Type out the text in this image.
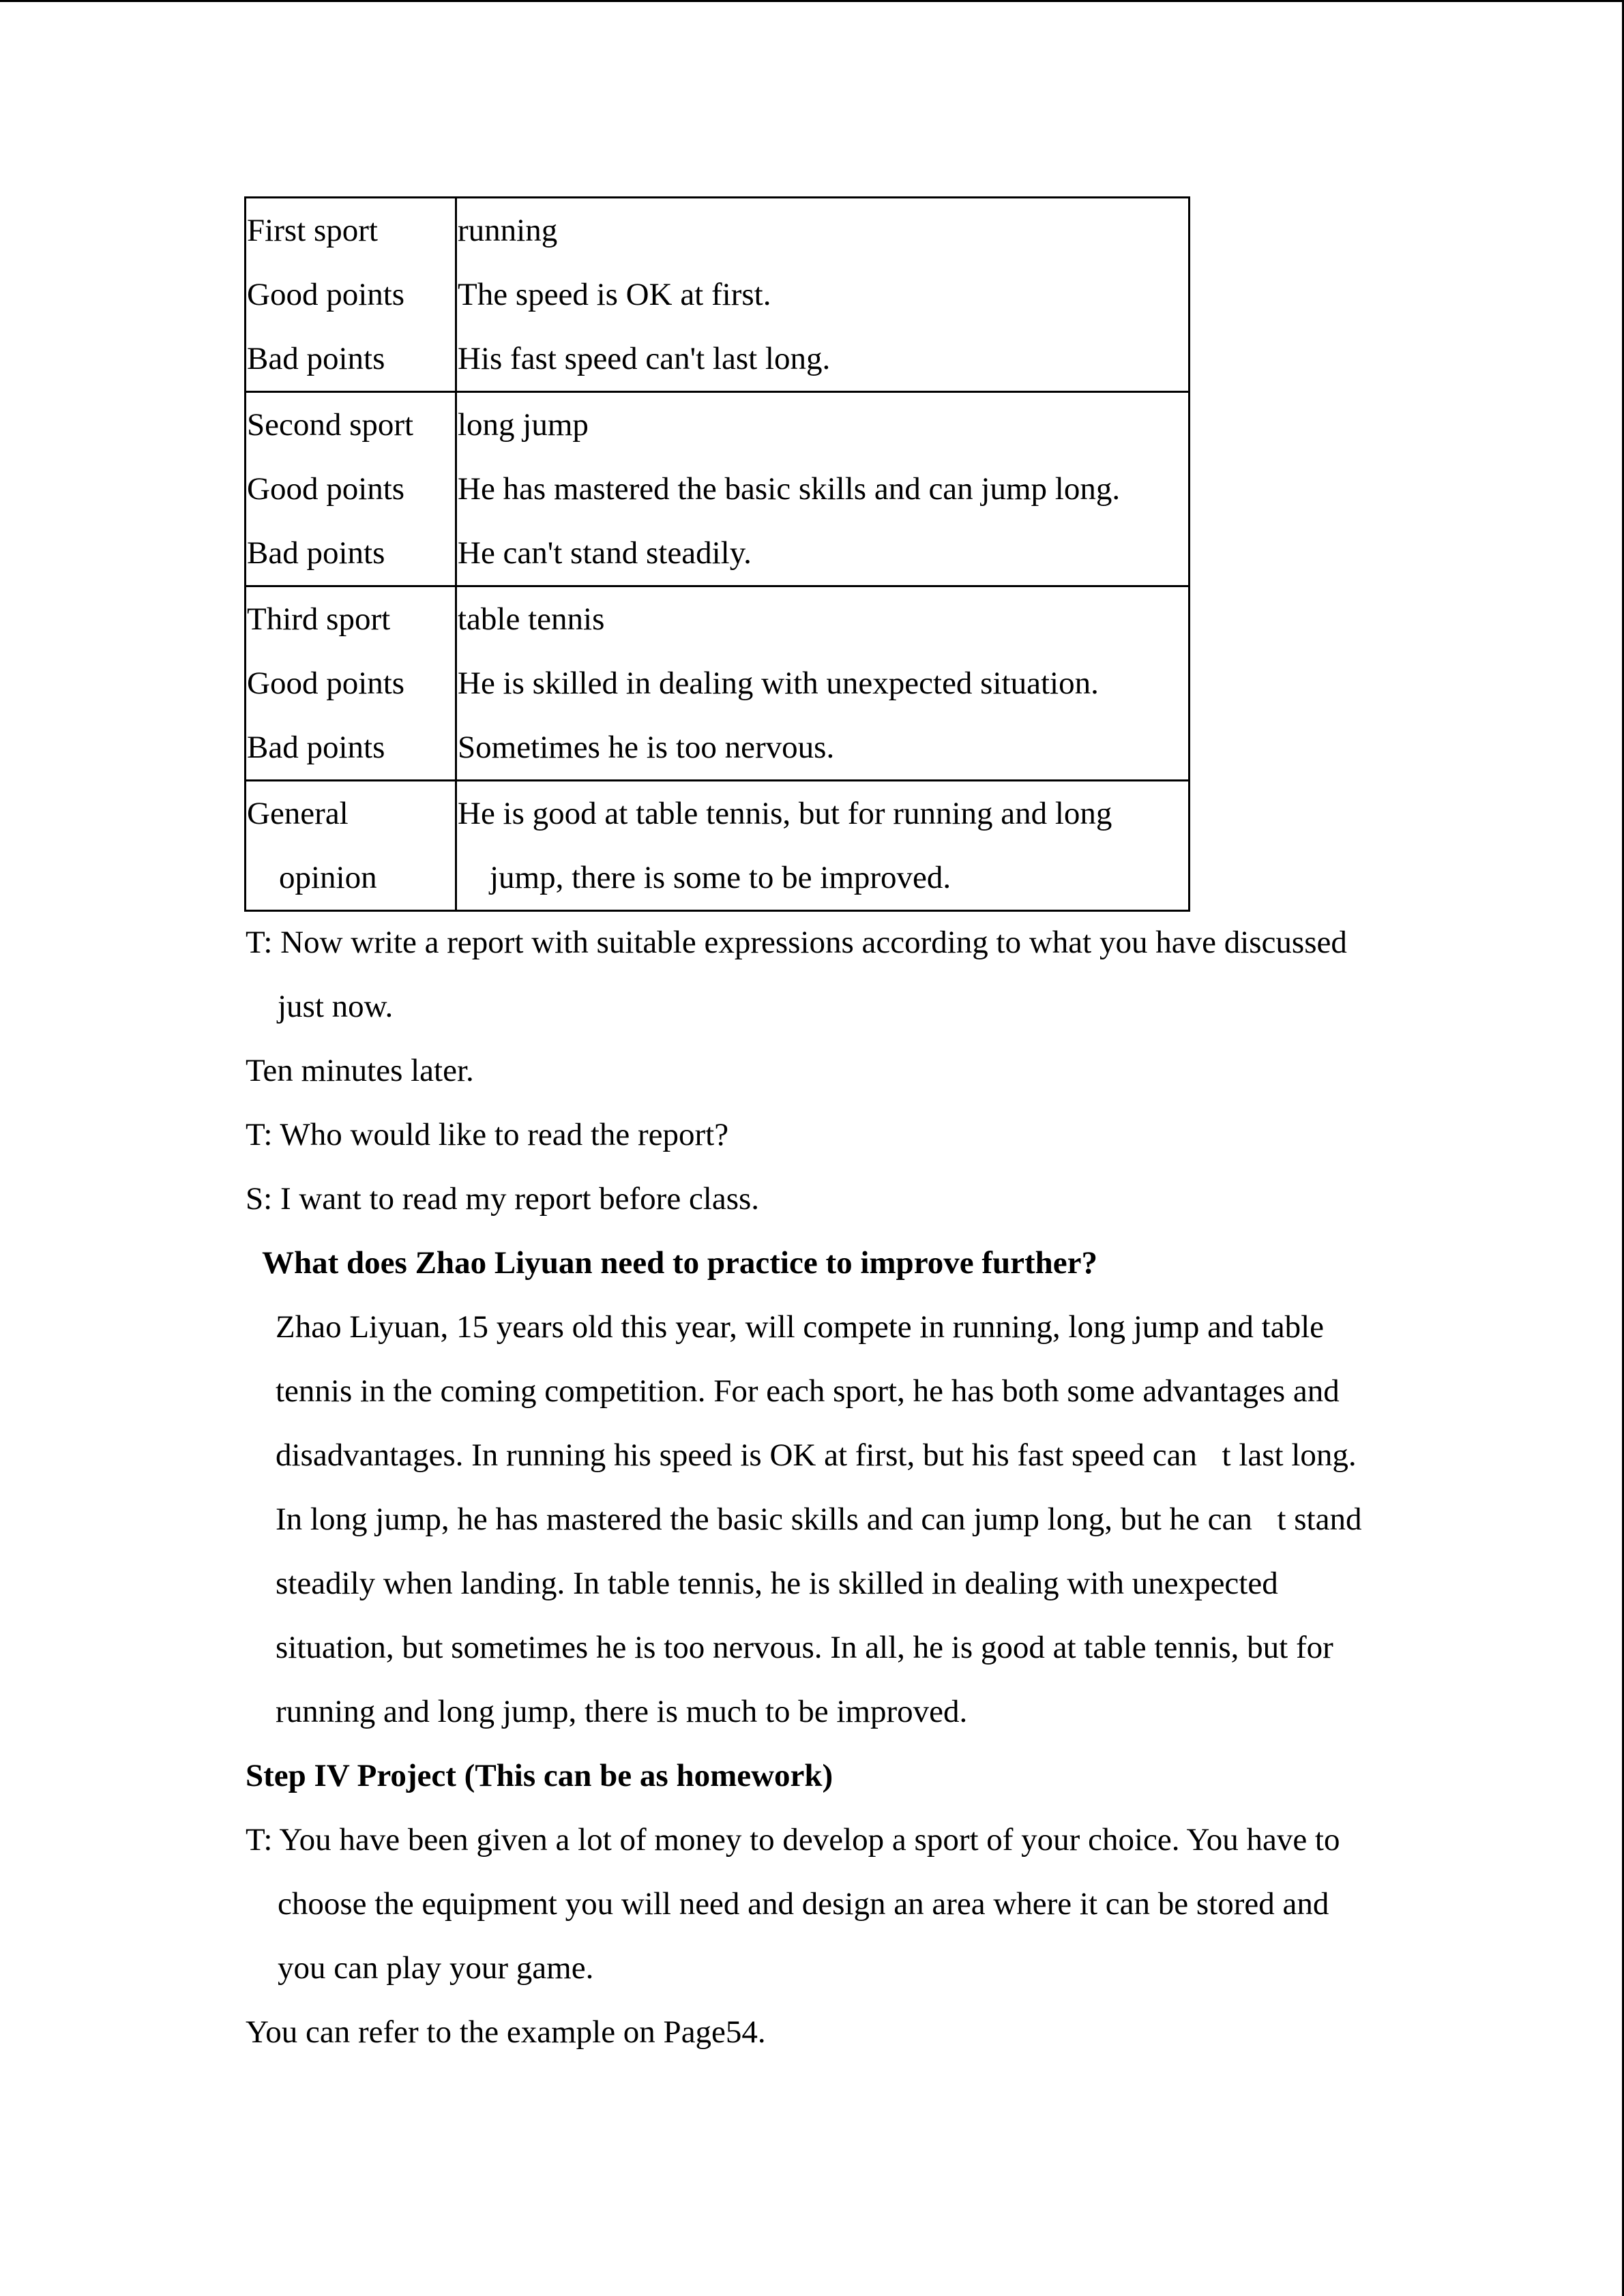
First sport
Good points
Bad points
running
The speed is OK at first.
His fast speed can't last long.
Second sport
Good points
Bad points
long jump
He has mastered the basic skills and can jump long.
He can't stand steadily.
Third sport
Good points
Bad points
table tennis
He is skilled in dealing with unexpected situation.
Sometimes he is too nervous.
General
opinion
He is good at table tennis, but for running and long
jump, there is some to be improved.
T: Now write a report with suitable expressions according to what you have discussed
just now.
Ten minutes later.
T: Who would like to read the report?
S: I want to read my report before class.
What does Zhao Liyuan need to practice to improve further?
Zhao Liyuan, 15 years old this year, will compete in running, long jump and table
tennis in the coming competition. For each sport, he has both some advantages and
disadvantages. In running his speed is OK at first, but his fast speed can t last long.
In long jump, he has mastered the basic skills and can jump long, but he can t stand
steadily when landing. In table tennis, he is skilled in dealing with unexpected
situation, but sometimes he is too nervous. In all, he is good at table tennis, but for
running and long jump, there is much to be improved.
Step IV Project (This can be as homework)
T: You have been given a lot of money to develop a sport of your choice. You have to
choose the equipment you will need and design an area where it can be stored and
you can play your game.
You can refer to the example on Page54.
